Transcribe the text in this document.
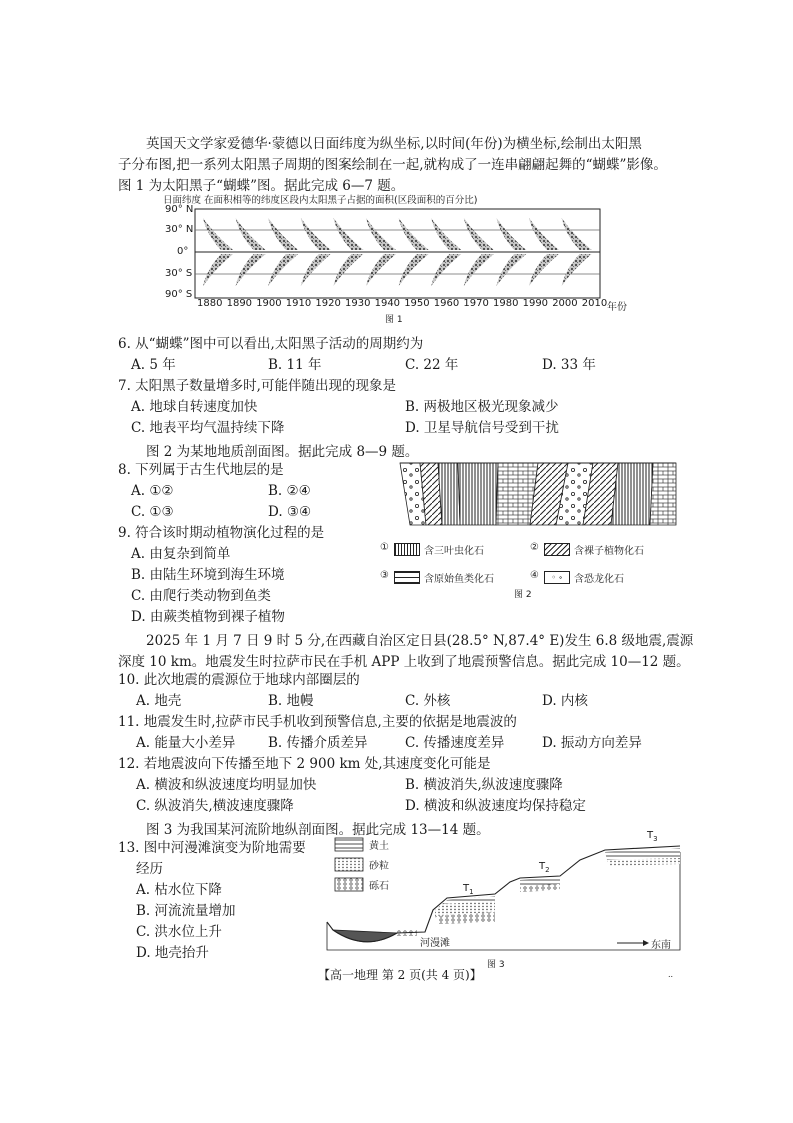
英国天文学家爱德华·蒙德以日面纬度为纵坐标,以时间(年份)为横坐标,绘制出太阳黑
子分布图,把一系列太阳黑子周期的图案绘制在一起,就构成了一连串翩翩起舞的“蝴蝶”影像。
图 1 为太阳黑子“蝴蝶”图。据此完成 6—7 题。
日面纬度 在面积相等的纬度区段内太阳黑子占据的面积(区段面积的百分比)
90° N
30° N
0°
30° S
90° S
1880 1890 1900 1910 1920 1930 1940 1950 1960 1970 1980 1990 2000 2010 年份
图 1
6. 从“蝴蝶”图中可以看出,太阳黑子活动的周期约为
A. 5 年	B. 11 年	C. 22 年	D. 33 年
7. 太阳黑子数量增多时,可能伴随出现的现象是
A. 地球自转速度加快	B. 两极地区极光现象减少
C. 地表平均气温持续下降	D. 卫星导航信号受到干扰
图 2 为某地地质剖面图。据此完成 8—9 题。
8. 下列属于古生代地层的是
A. ①②	B. ②④
C. ①③	D. ③④
9. 符合该时期动植物演化过程的是
A. 由复杂到简单
B. 由陆生环境到海生环境
C. 由爬行类动物到鱼类
D. 由蕨类植物到裸子植物
①	含三叶虫化石	②	含裸子植物化石
③	含原始鱼类化石	④	◦ ∘	含恐龙化石
图 2
2025 年 1 月 7 日 9 时 5 分,在西藏自治区定日县(28.5° N,87.4° E)发生 6.8 级地震,震源
深度 10 km。地震发生时拉萨市民在手机 APP 上收到了地震预警信息。据此完成 10—12 题。
10. 此次地震的震源位于地球内部圈层的
A. 地壳	B. 地幔	C. 外核	D. 内核
11. 地震发生时,拉萨市民手机收到预警信息,主要的依据是地震波的
A. 能量大小差异 B. 传播介质差异	C. 传播速度差异	D. 振动方向差异
12. 若地震波向下传播至地下 2 900 km 处,其速度变化可能是
A. 横波和纵波速度均明显加快	B. 横波消失,纵波速度骤降
C. 纵波消失,横波速度骤降	D. 横波和纵波速度均保持稳定
图 3 为我国某河流阶地纵剖面图。据此完成 13—14 题。
13. 图中河漫滩演变为阶地需要
经历
A. 枯水位下降
B. 河流流量增加
C. 洪水位上升
D. 地壳抬升
黄土
砂粒
砾石	$T_1$
$T_2$
$T_3$
河漫滩	东南
图 3
【高一地理 第 2 页(共 4 页)】	..
